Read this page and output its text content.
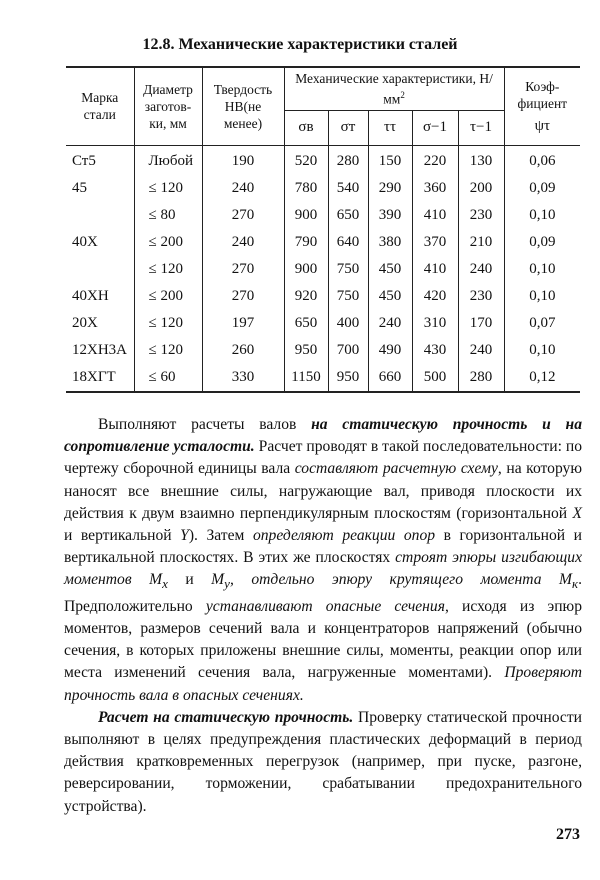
12.8. Механические характеристики сталей
Марка стали	Диаметр заготов-ки, мм	Твердость НВ(не менее)	Механические характеристики, $Н/мм^2$					Коэф-фициент
ψτ

			σв	σт	ττ	σ−1	τ−1	
Ст5	Любой	190	520	280	150	220	130	0,06
45	≤ 120	240	780	540	290	360	200	0,09
	≤ 80	270	900	650	390	410	230	0,10
40X	≤ 200	240	790	640	380	370	210	0,09
	≤ 120	270	900	750	450	410	240	0,10
40XH	≤ 200	270	920	750	450	420	230	0,10
20X	≤ 120	197	650	400	240	310	170	0,07
12XH3A	≤ 120	260	950	700	490	430	240	0,10
18XГТ	≤ 60	330	1150	950	660	500	280	0,12

Выполняют расчеты валов на статическую прочность и на сопротивление усталости. Расчет проводят в такой последовательности: по чертежу сборочной единицы вала составляют расчетную схему, на которую наносят все внешние силы, нагружающие вал, приводя плоскости их действия к двум взаимно перпендикулярным плоскостям (горизонтальной X и вертикальной Y). Затем определяют реакции опор в горизонтальной и вертикальной плоскостях. В этих же плоскостях строят эпюры изгибающих моментов $M_x$ и $M_y$, отдельно эпюру крутящего момента $M_к$. Предположительно устанавливают опасные сечения, исходя из эпюр моментов, размеров сечений вала и концентраторов напряжений (обычно сечения, в которых приложены внешние силы, моменты, реакции опор или места изменений сечения вала, нагруженные моментами). Проверяют прочность вала в опасных сечениях.

Расчет на статическую прочность. Проверку статической прочности выполняют в целях предупреждения пластических деформаций в период действия кратковременных перегрузок (например, при пуске, разгоне, реверсировании, торможении, срабатывании предохранительного устройства).

273
